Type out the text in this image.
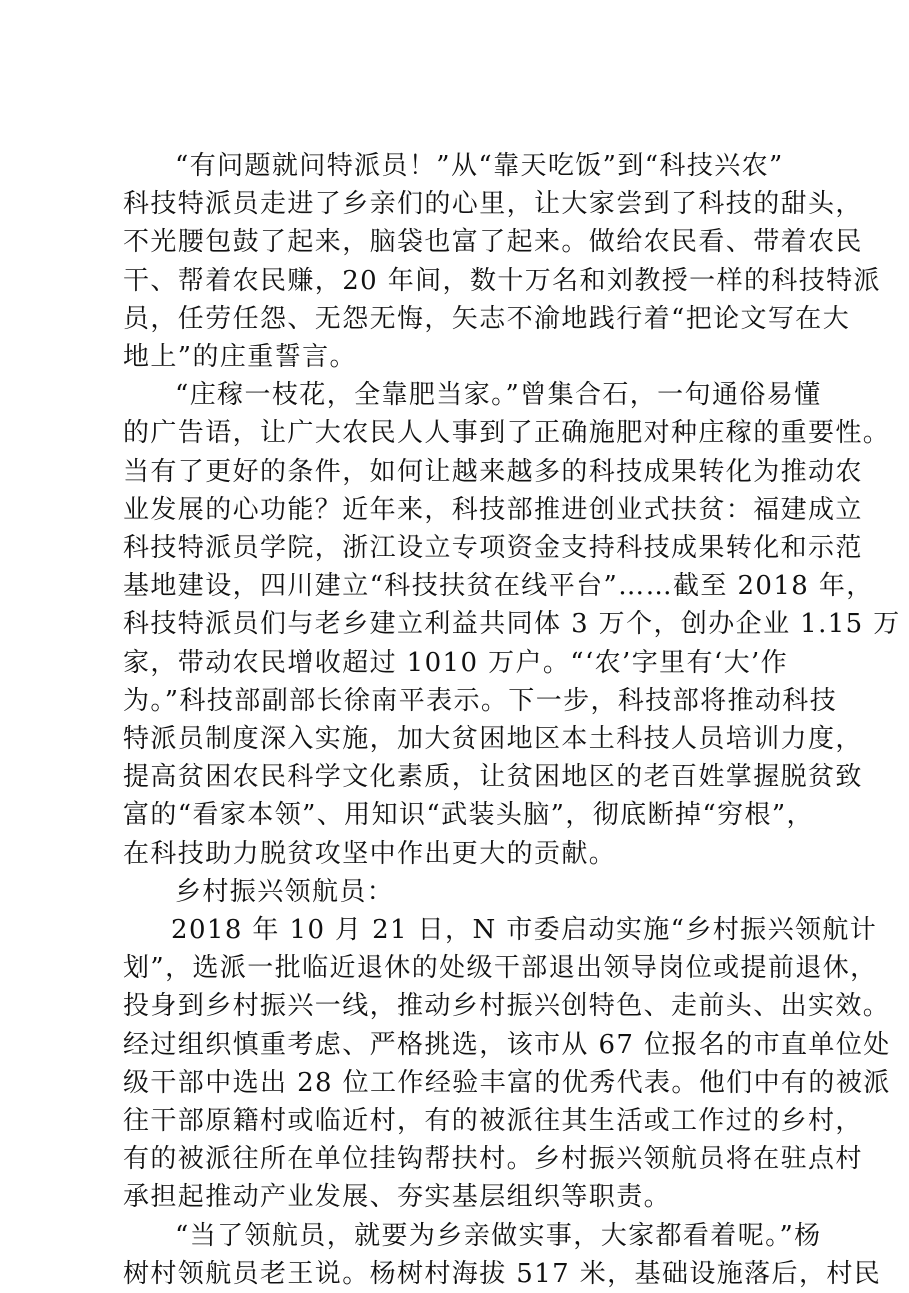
“有问题就问特派员！”从“靠天吃饭”到“科技兴农”
科技特派员走进了乡亲们的心里，让大家尝到了科技的甜头，
不光腰包鼓了起来，脑袋也富了起来。做给农民看、带着农民
干、帮着农民赚，20 年间，数十万名和刘教授一样的科技特派
员，任劳任怨、无怨无悔，矢志不渝地践行着“把论文写在大
地上”的庄重誓言。
“庄稼一枝花，全靠肥当家。”曾集合石，一句通俗易懂
的广告语，让广大农民人人事到了正确施肥对种庄稼的重要性。
当有了更好的条件，如何让越来越多的科技成果转化为推动农
业发展的心功能？近年来，科技部推进创业式扶贫：福建成立
科技特派员学院，浙江设立专项资金支持科技成果转化和示范
基地建设，四川建立“科技扶贫在线平台”……截至 2018 年，
科技特派员们与老乡建立利益共同体 3 万个，创办企业 1.15 万
家，带动农民增收超过 1010 万户。“‘农’字里有‘大’作
为。”科技部副部长徐南平表示。下一步，科技部将推动科技
特派员制度深入实施，加大贫困地区本土科技人员培训力度，
提高贫困农民科学文化素质，让贫困地区的老百姓掌握脱贫致
富的“看家本领”、用知识“武装头脑”，彻底断掉“穷根”，
在科技助力脱贫攻坚中作出更大的贡献。
乡村振兴领航员：
2018 年 10 月 21 日，N 市委启动实施“乡村振兴领航计
划”，选派一批临近退休的处级干部退出领导岗位或提前退休，
投身到乡村振兴一线，推动乡村振兴创特色、走前头、出实效。
经过组织慎重考虑、严格挑选，该市从 67 位报名的市直单位处
级干部中选出 28 位工作经验丰富的优秀代表。他们中有的被派
往干部原籍村或临近村，有的被派往其生活或工作过的乡村，
有的被派往所在单位挂钩帮扶村。乡村振兴领航员将在驻点村
承担起推动产业发展、夯实基层组织等职责。
“当了领航员，就要为乡亲做实事，大家都看着呢。”杨
树村领航员老王说。杨树村海拔 517 米，基础设施落后，村民
